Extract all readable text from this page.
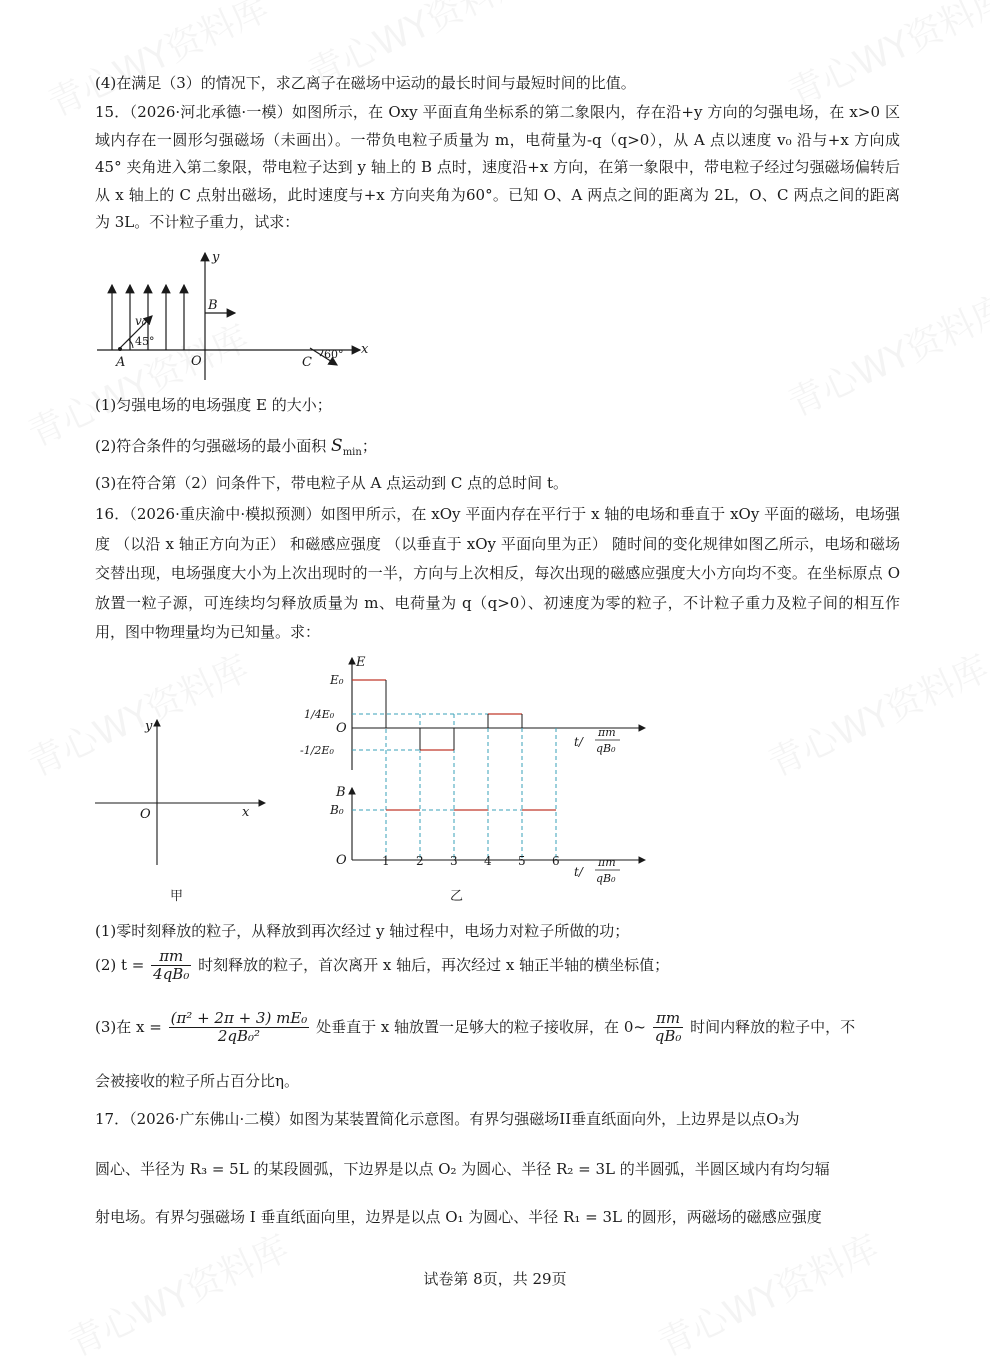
(4)在满足（3）的情况下，求乙离子在磁场中运动的最长时间与最短时间的比值。
15．（2026·河北承德·一模）如图所示，在 Oxy 平面直角坐标系的第二象限内，存在沿+y 方向的匀强电场，在 x>0 区域内存在一圆形匀强磁场（未画出）。一带负电粒子质量为 m，电荷量为-q（q>0），从 A 点以速度 v₀ 沿与+x 方向成45° 夹角进入第二象限，带电粒子达到 y 轴上的 B 点时，速度沿+x 方向，在第一象限中，带电粒子经过匀强磁场偏转后从 x 轴上的 C 点射出磁场，此时速度与+x 方向夹角为60°。已知 O、A 两点之间的距离为 2L，O、C 两点之间的距离为 3L。不计粒子重力，试求：
y
x
A	O
B
C
v₀
45°
60°
(1)匀强电场的电场强度 E 的大小；
(2)符合条件的匀强磁场的最小面积 $S_{min}$；
(3)在符合第（2）问条件下，带电粒子从 A 点运动到 C 点的总时间 t。
16．（2026·重庆渝中·模拟预测）如图甲所示，在 xOy 平面内存在平行于 x 轴的电场和垂直于 xOy 平面的磁场，电场强度 （以沿 x 轴正方向为正） 和磁感应强度 （以垂直于 xOy 平面向里为正） 随时间的变化规律如图乙所示，电场和磁场交替出现，电场强度大小为上次出现时的一半，方向与上次相反，每次出现的磁感应强度大小方向均不变。在坐标原点 O 放置一粒子源，可连续均匀释放质量为 m、电荷量为 q（q>0）、初速度为零的粒子，不计粒子重力及粒子间的相互作用，图中物理量均为已知量。求：
y
x
O
甲
E
E₀
1/4E₀
O
-1/2E₀
t/
πm
qB₀
B
B₀
O	1 2 3 4 5 6
t/
πm
qB₀
乙
(1)零时刻释放的粒子，从释放到再次经过 y 轴过程中，电场力对粒子所做的功；
(2) $t = \frac{\pi m}{\text{4qB₀}}$ 时刻释放的粒子，首次离开 x 轴后，再次经过 x 轴正半轴的横坐标值；
(3)在 $x = \frac{\text{(π² + 2π + 3) mE₀}}{\text{2qB₀²}}$ 处垂直于 x 轴放置一足够大的粒子接收屏，在 0~ $\frac{\pi m}{\text{qB₀}}$ 时间内释放的粒子中，不
会被接收的粒子所占百分比η。
17．（2026·广东佛山·二模）如图为某装置简化示意图。有界匀强磁场II垂直纸面向外，上边界是以点O₃为
圆心、半径为 R₃ = 5L 的某段圆弧，下边界是以点 O₂ 为圆心、半径 R₂ = 3L 的半圆弧，半圆区域内有均匀辐
射电场。有界匀强磁场 I 垂直纸面向里，边界是以点 O₁ 为圆心、半径 R₁ = 3L 的圆形，两磁场的磁感应强度
试卷第 8页，共 29页
